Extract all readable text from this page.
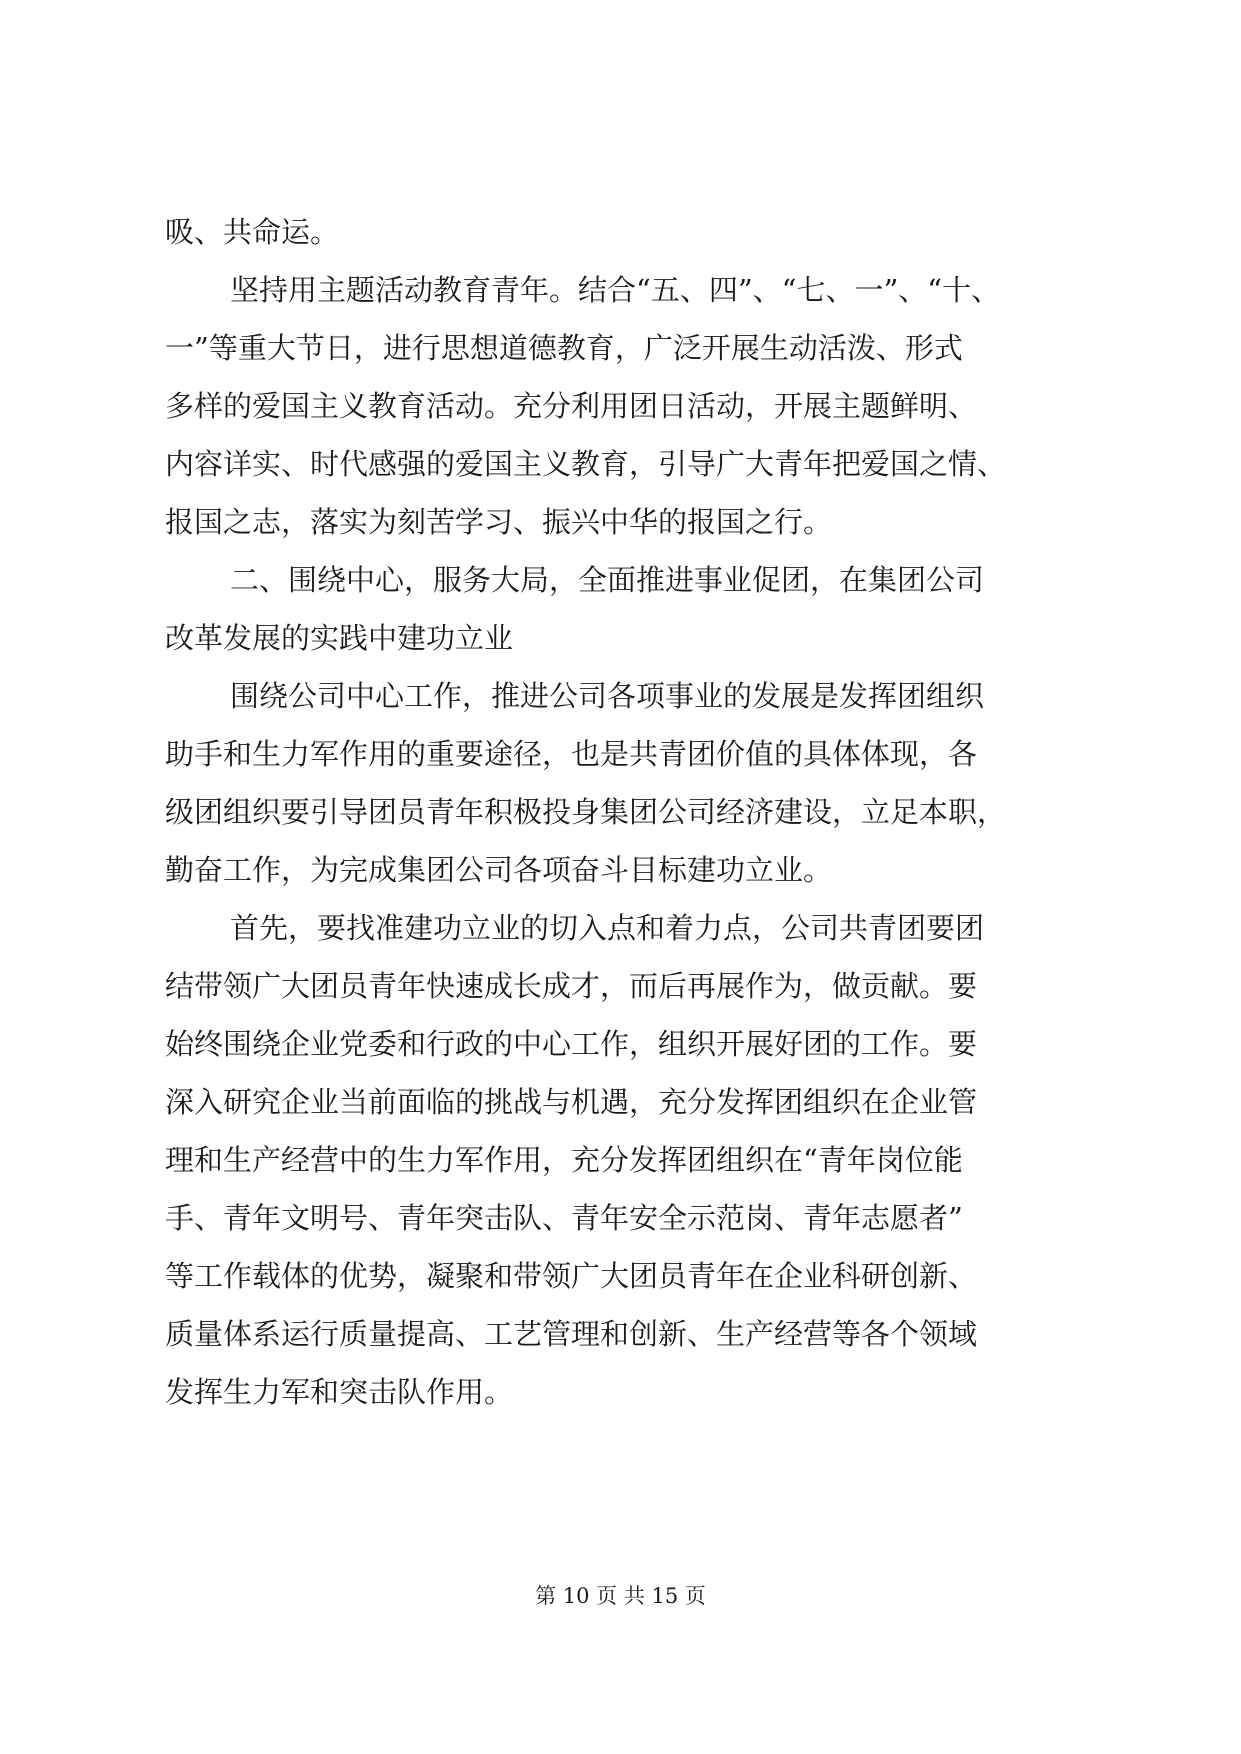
吸、共命运。
坚持用主题活动教育青年。结合“五、四”、“七、一”、“十、
一”等重大节日，进行思想道德教育，广泛开展生动活泼、形式
多样的爱国主义教育活动。充分利用团日活动，开展主题鲜明、
内容详实、时代感强的爱国主义教育，引导广大青年把爱国之情、
报国之志，落实为刻苦学习、振兴中华的报国之行。
二、围绕中心，服务大局，全面推进事业促团，在集团公司
改革发展的实践中建功立业
围绕公司中心工作，推进公司各项事业的发展是发挥团组织
助手和生力军作用的重要途径，也是共青团价值的具体体现，各
级团组织要引导团员青年积极投身集团公司经济建设，立足本职，
勤奋工作，为完成集团公司各项奋斗目标建功立业。
首先，要找准建功立业的切入点和着力点，公司共青团要团
结带领广大团员青年快速成长成才，而后再展作为，做贡献。要
始终围绕企业党委和行政的中心工作，组织开展好团的工作。要
深入研究企业当前面临的挑战与机遇，充分发挥团组织在企业管
理和生产经营中的生力军作用，充分发挥团组织在“青年岗位能
手、青年文明号、青年突击队、青年安全示范岗、青年志愿者”
等工作载体的优势，凝聚和带领广大团员青年在企业科研创新、
质量体系运行质量提高、工艺管理和创新、生产经营等各个领域
发挥生力军和突击队作用。
第 10 页 共 15 页
